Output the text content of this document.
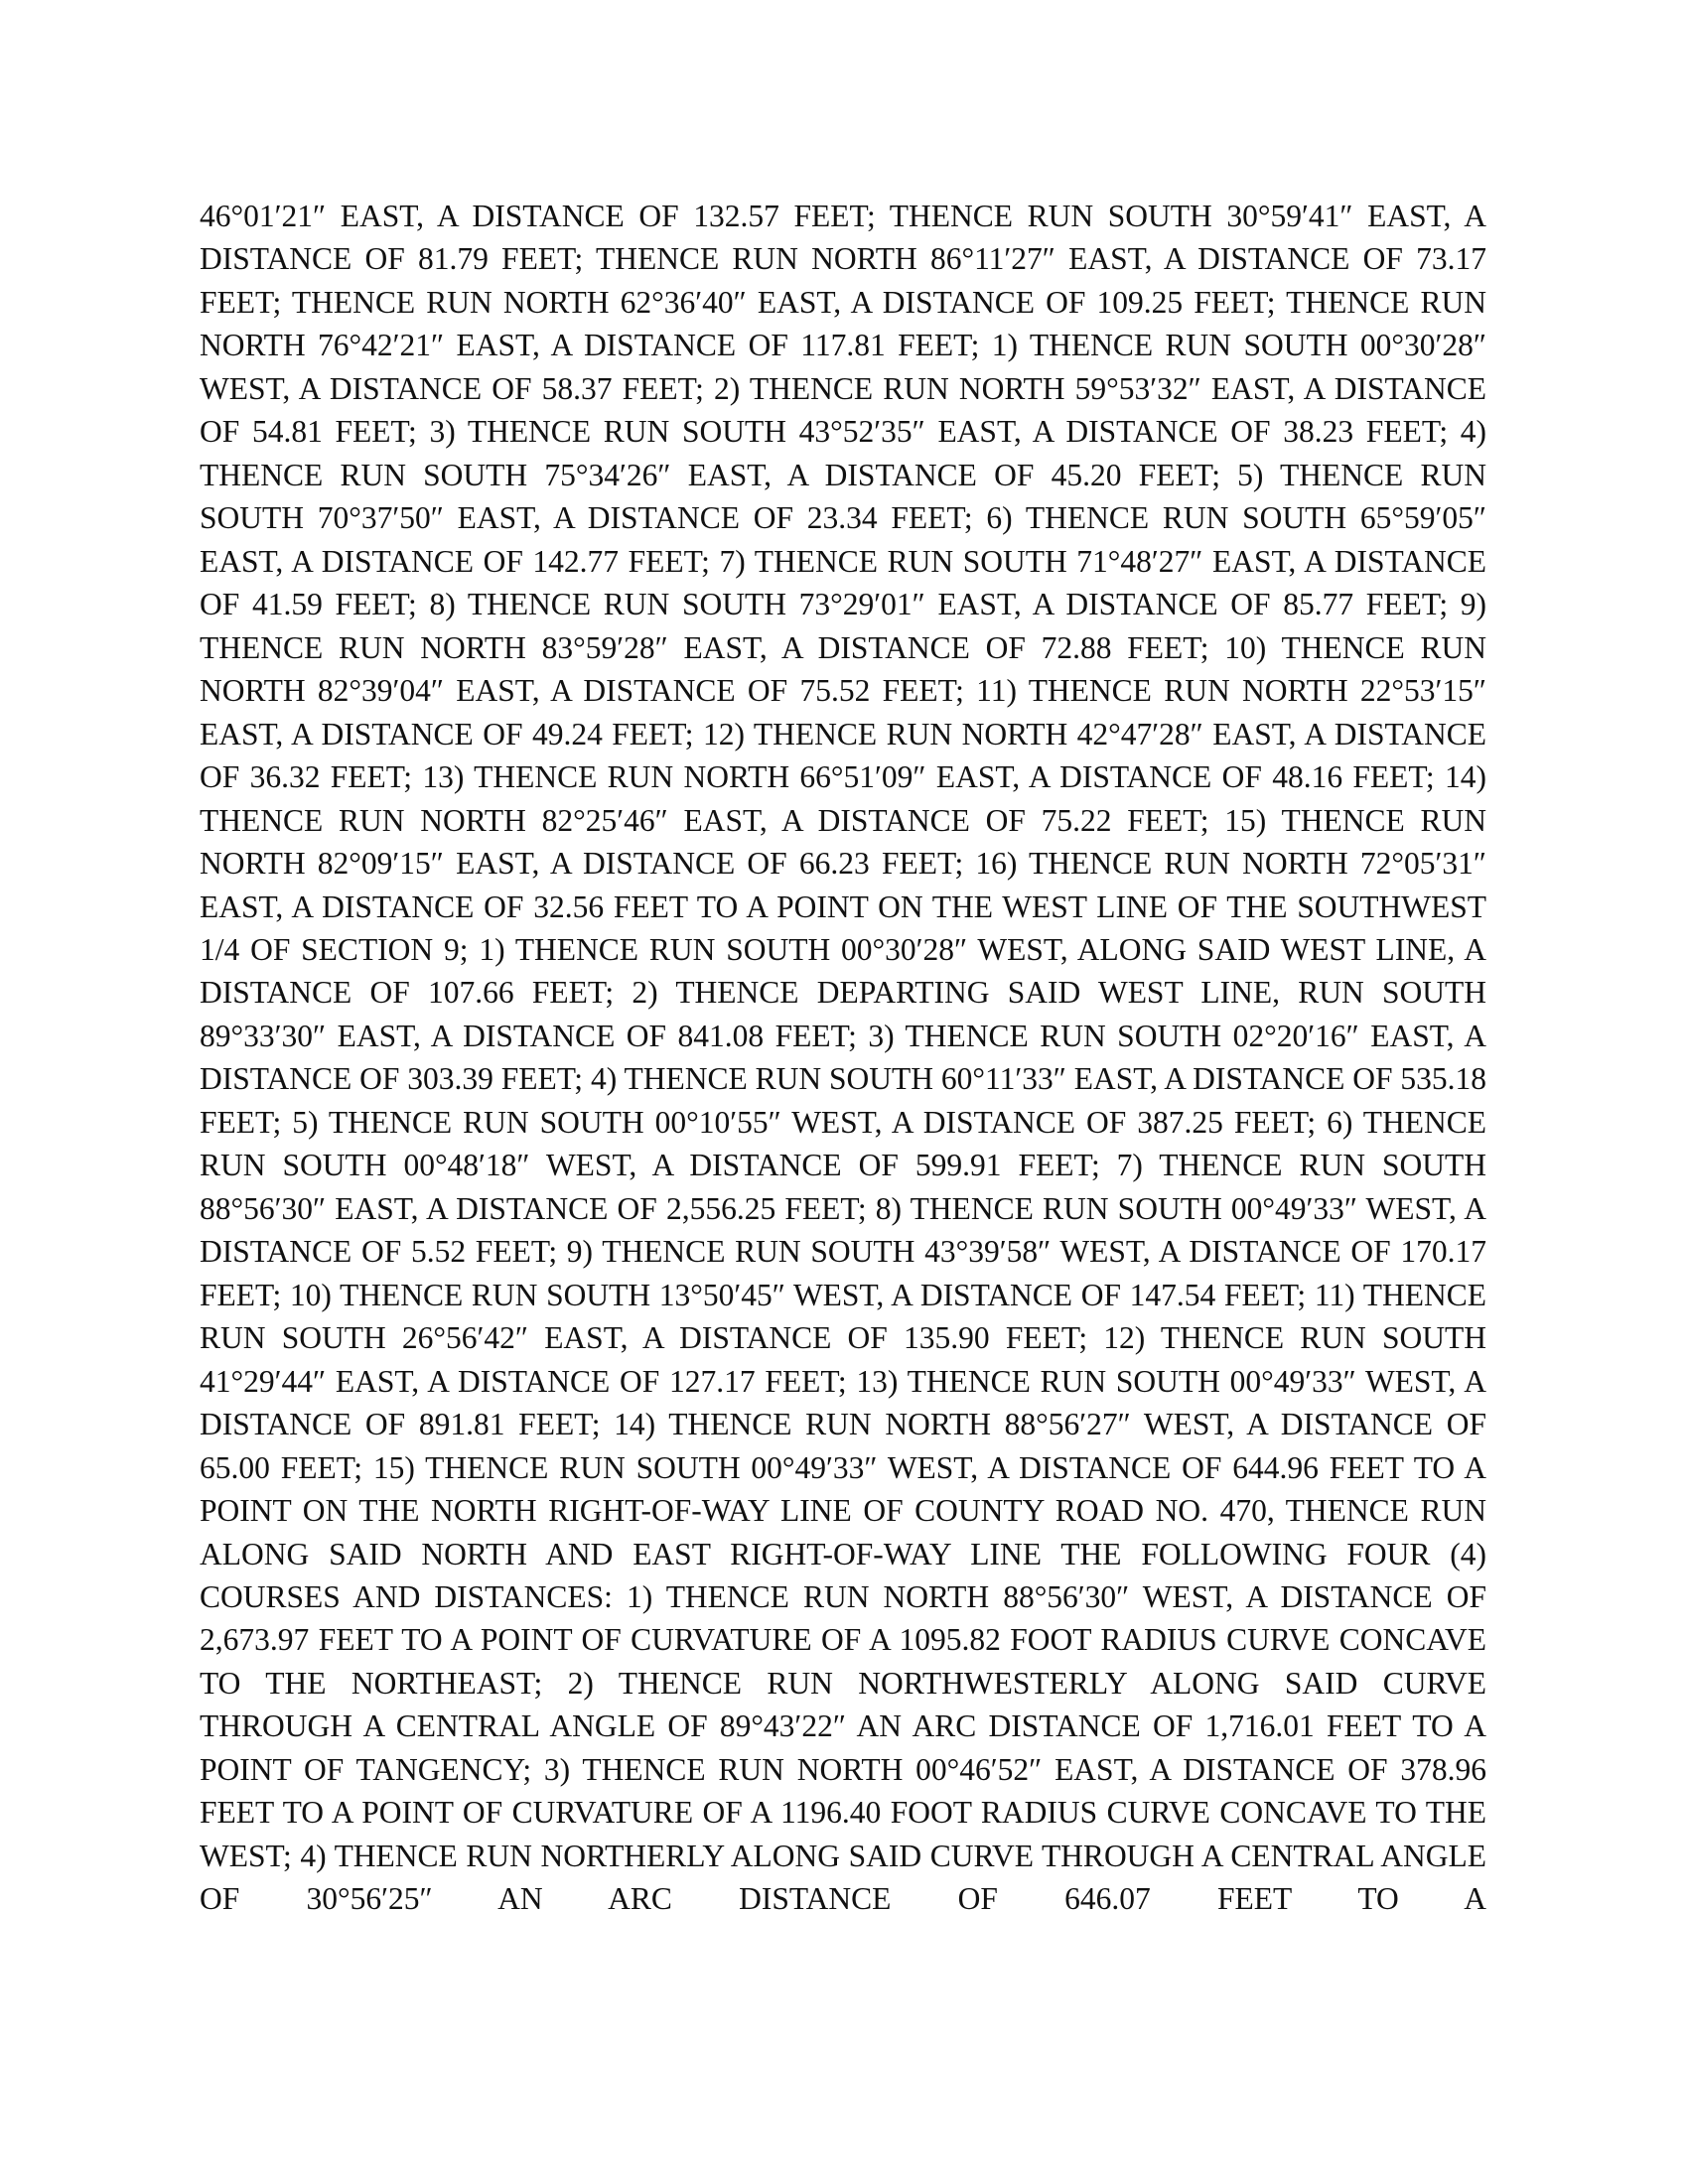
46°01′21″ EAST, A DISTANCE OF 132.57 FEET; THENCE RUN SOUTH 30°59′41″ EAST, A DISTANCE OF 81.79 FEET; THENCE RUN NORTH 86°11′27″ EAST, A DISTANCE OF 73.17 FEET; THENCE RUN NORTH 62°36′40″ EAST, A DISTANCE OF 109.25 FEET; THENCE RUN NORTH 76°42′21″ EAST, A DISTANCE OF 117.81 FEET; 1) THENCE RUN SOUTH 00°30′28″ WEST, A DISTANCE OF 58.37 FEET; 2) THENCE RUN NORTH 59°53′32″ EAST, A DISTANCE OF 54.81 FEET; 3) THENCE RUN SOUTH 43°52′35″ EAST, A DISTANCE OF 38.23 FEET; 4) THENCE RUN SOUTH 75°34′26″ EAST, A DISTANCE OF 45.20 FEET; 5) THENCE RUN SOUTH 70°37′50″ EAST, A DISTANCE OF 23.34 FEET; 6) THENCE RUN SOUTH 65°59′05″ EAST, A DISTANCE OF 142.77 FEET; 7) THENCE RUN SOUTH 71°48′27″ EAST, A DISTANCE OF 41.59 FEET; 8) THENCE RUN SOUTH 73°29′01″ EAST, A DISTANCE OF 85.77 FEET; 9) THENCE RUN NORTH 83°59′28″ EAST, A DISTANCE OF 72.88 FEET; 10) THENCE RUN NORTH 82°39′04″ EAST, A DISTANCE OF 75.52 FEET; 11) THENCE RUN NORTH 22°53′15″ EAST, A DISTANCE OF 49.24 FEET; 12) THENCE RUN NORTH 42°47′28″ EAST, A DISTANCE OF 36.32 FEET; 13) THENCE RUN NORTH 66°51′09″ EAST, A DISTANCE OF 48.16 FEET; 14) THENCE RUN NORTH 82°25′46″ EAST, A DISTANCE OF 75.22 FEET; 15) THENCE RUN NORTH 82°09′15″ EAST, A DISTANCE OF 66.23 FEET; 16) THENCE RUN NORTH 72°05′31″ EAST, A DISTANCE OF 32.56 FEET TO A POINT ON THE WEST LINE OF THE SOUTHWEST 1/4 OF SECTION 9; 1) THENCE RUN SOUTH 00°30′28″ WEST, ALONG SAID WEST LINE, A DISTANCE OF 107.66 FEET; 2) THENCE DEPARTING SAID WEST LINE, RUN SOUTH 89°33′30″ EAST, A DISTANCE OF 841.08 FEET; 3) THENCE RUN SOUTH 02°20′16″ EAST, A DISTANCE OF 303.39 FEET; 4) THENCE RUN SOUTH 60°11′33″ EAST, A DISTANCE OF 535.18 FEET; 5) THENCE RUN SOUTH 00°10′55″ WEST, A DISTANCE OF 387.25 FEET; 6) THENCE RUN SOUTH 00°48′18″ WEST, A DISTANCE OF 599.91 FEET; 7) THENCE RUN SOUTH 88°56′30″ EAST, A DISTANCE OF 2,556.25 FEET; 8) THENCE RUN SOUTH 00°49′33″ WEST, A DISTANCE OF 5.52 FEET; 9) THENCE RUN SOUTH 43°39′58″ WEST, A DISTANCE OF 170.17 FEET; 10) THENCE RUN SOUTH 13°50′45″ WEST, A DISTANCE OF 147.54 FEET; 11) THENCE RUN SOUTH 26°56′42″ EAST, A DISTANCE OF 135.90 FEET; 12) THENCE RUN SOUTH 41°29′44″ EAST, A DISTANCE OF 127.17 FEET; 13) THENCE RUN SOUTH 00°49′33″ WEST, A DISTANCE OF 891.81 FEET; 14) THENCE RUN NORTH 88°56′27″ WEST, A DISTANCE OF 65.00 FEET; 15) THENCE RUN SOUTH 00°49′33″ WEST, A DISTANCE OF 644.96 FEET TO A POINT ON THE NORTH RIGHT-OF-WAY LINE OF COUNTY ROAD NO. 470, THENCE RUN ALONG SAID NORTH AND EAST RIGHT-OF-WAY LINE THE FOLLOWING FOUR (4) COURSES AND DISTANCES: 1) THENCE RUN NORTH 88°56′30″ WEST, A DISTANCE OF 2,673.97 FEET TO A POINT OF CURVATURE OF A 1095.82 FOOT RADIUS CURVE CONCAVE TO THE NORTHEAST; 2) THENCE RUN NORTHWESTERLY ALONG SAID CURVE THROUGH A CENTRAL ANGLE OF 89°43′22″ AN ARC DISTANCE OF 1,716.01 FEET TO A POINT OF TANGENCY; 3) THENCE RUN NORTH 00°46′52″ EAST, A DISTANCE OF 378.96 FEET TO A POINT OF CURVATURE OF A 1196.40 FOOT RADIUS CURVE CONCAVE TO THE WEST; 4) THENCE RUN NORTHERLY ALONG SAID CURVE THROUGH A CENTRAL ANGLE OF 30°56′25″ AN ARC DISTANCE OF 646.07 FEET TO A
